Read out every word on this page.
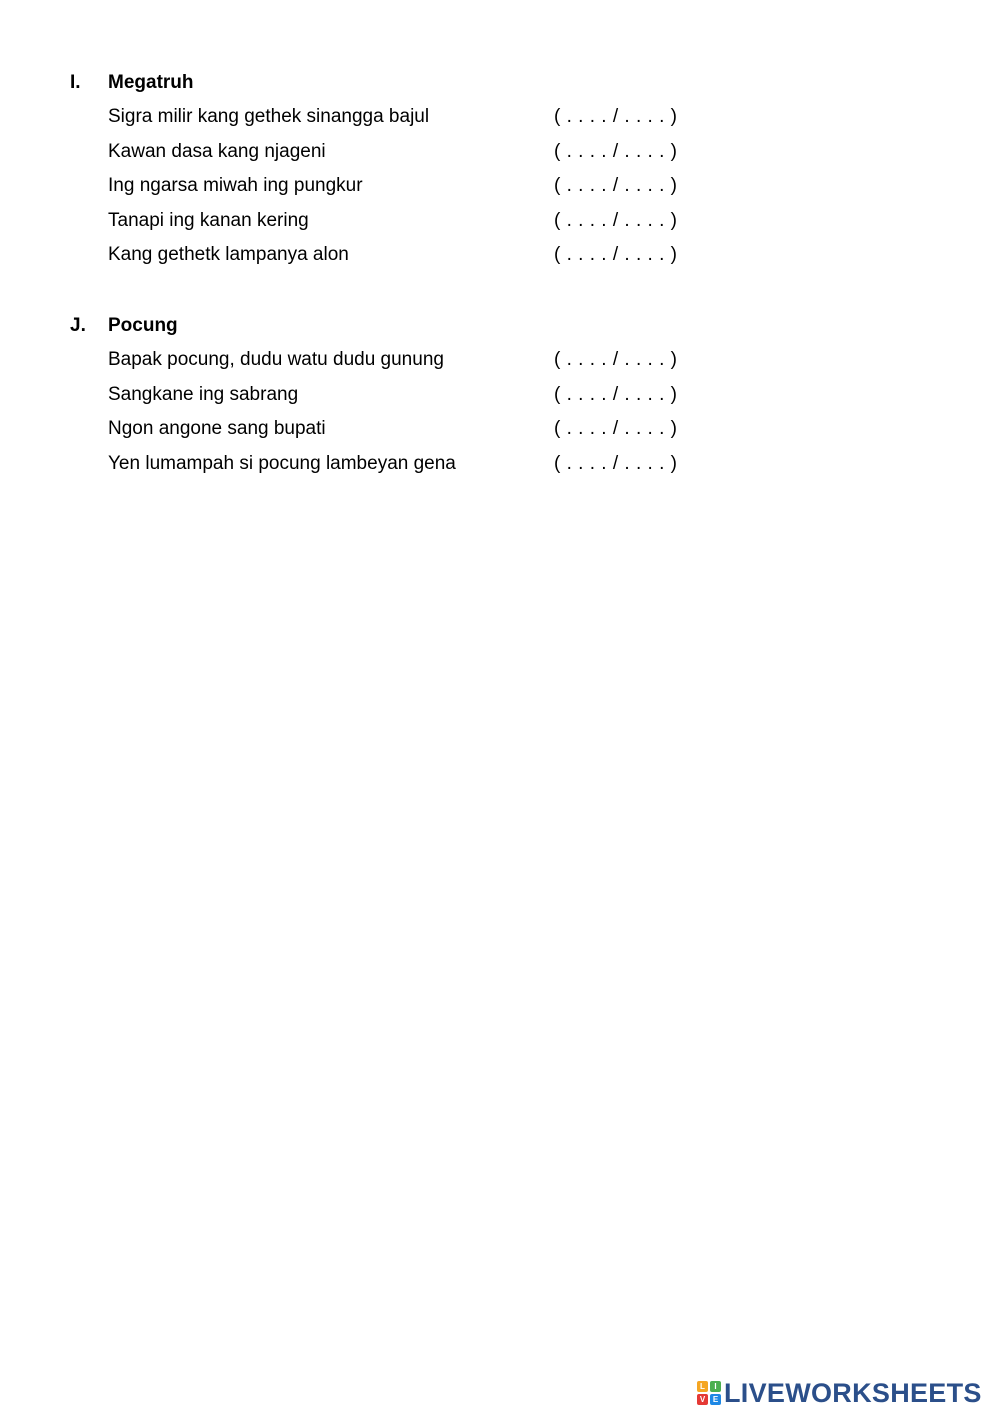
I. Megatruh
Sigra milir kang gethek sinangga bajul	( . . . . / . . . . )
Kawan dasa kang njageni	( . . . . / . . . . )
Ing ngarsa miwah ing pungkur	( . . . . / . . . . )
Tanapi ing kanan kering	( . . . . / . . . . )
Kang gethetk lampanya alon	( . . . . / . . . . )
J. Pocung
Bapak pocung, dudu watu dudu gunung	( . . . . / . . . . )
Sangkane ing sabrang	( . . . . / . . . . )
Ngon angone sang bupati	( . . . . / . . . . )
Yen lumampah si pocung lambeyan gena	( . . . . / . . . . )
L	I
V E LIVEWORKSHEETS
